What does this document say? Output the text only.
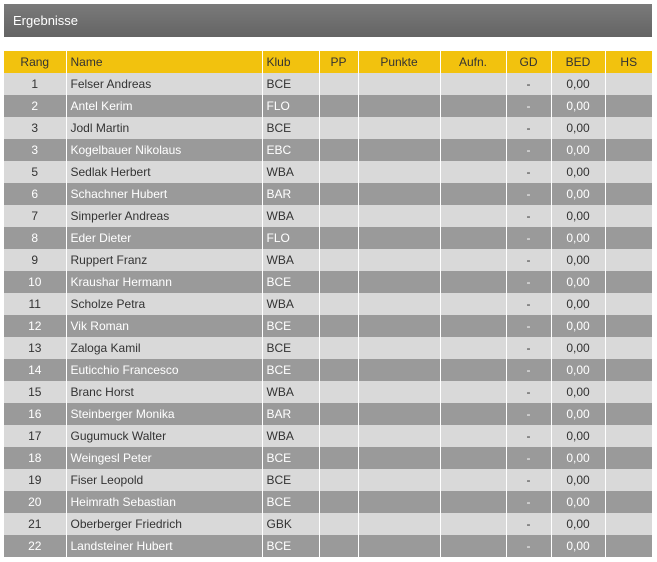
Ergebnisse
Rang	Name	Klub	PP	Punkte	Aufn.	GD	BED	HS
1	Felser Andreas	BCE				-	0,00	
2	Antel Kerim	FLO				-	0,00	
3	Jodl Martin	BCE				-	0,00	
3	Kogelbauer Nikolaus	EBC				-	0,00	
5	Sedlak Herbert	WBA				-	0,00	
6	Schachner Hubert	BAR				-	0,00	
7	Simperler Andreas	WBA				-	0,00	
8	Eder Dieter	FLO				-	0,00	
9	Ruppert Franz	WBA				-	0,00	
10	Kraushar Hermann	BCE				-	0,00	
11	Scholze Petra	WBA				-	0,00	
12	Vik Roman	BCE				-	0,00	
13	Zaloga Kamil	BCE				-	0,00	
14	Euticchio Francesco	BCE				-	0,00	
15	Branc Horst	WBA				-	0,00	
16	Steinberger Monika	BAR				-	0,00	
17	Gugumuck Walter	WBA				-	0,00	
18	Weingesl Peter	BCE				-	0,00	
19	Fiser Leopold	BCE				-	0,00	
20	Heimrath Sebastian	BCE				-	0,00	
21	Oberberger Friedrich	GBK				-	0,00	
22	Landsteiner Hubert	BCE				-	0,00	
